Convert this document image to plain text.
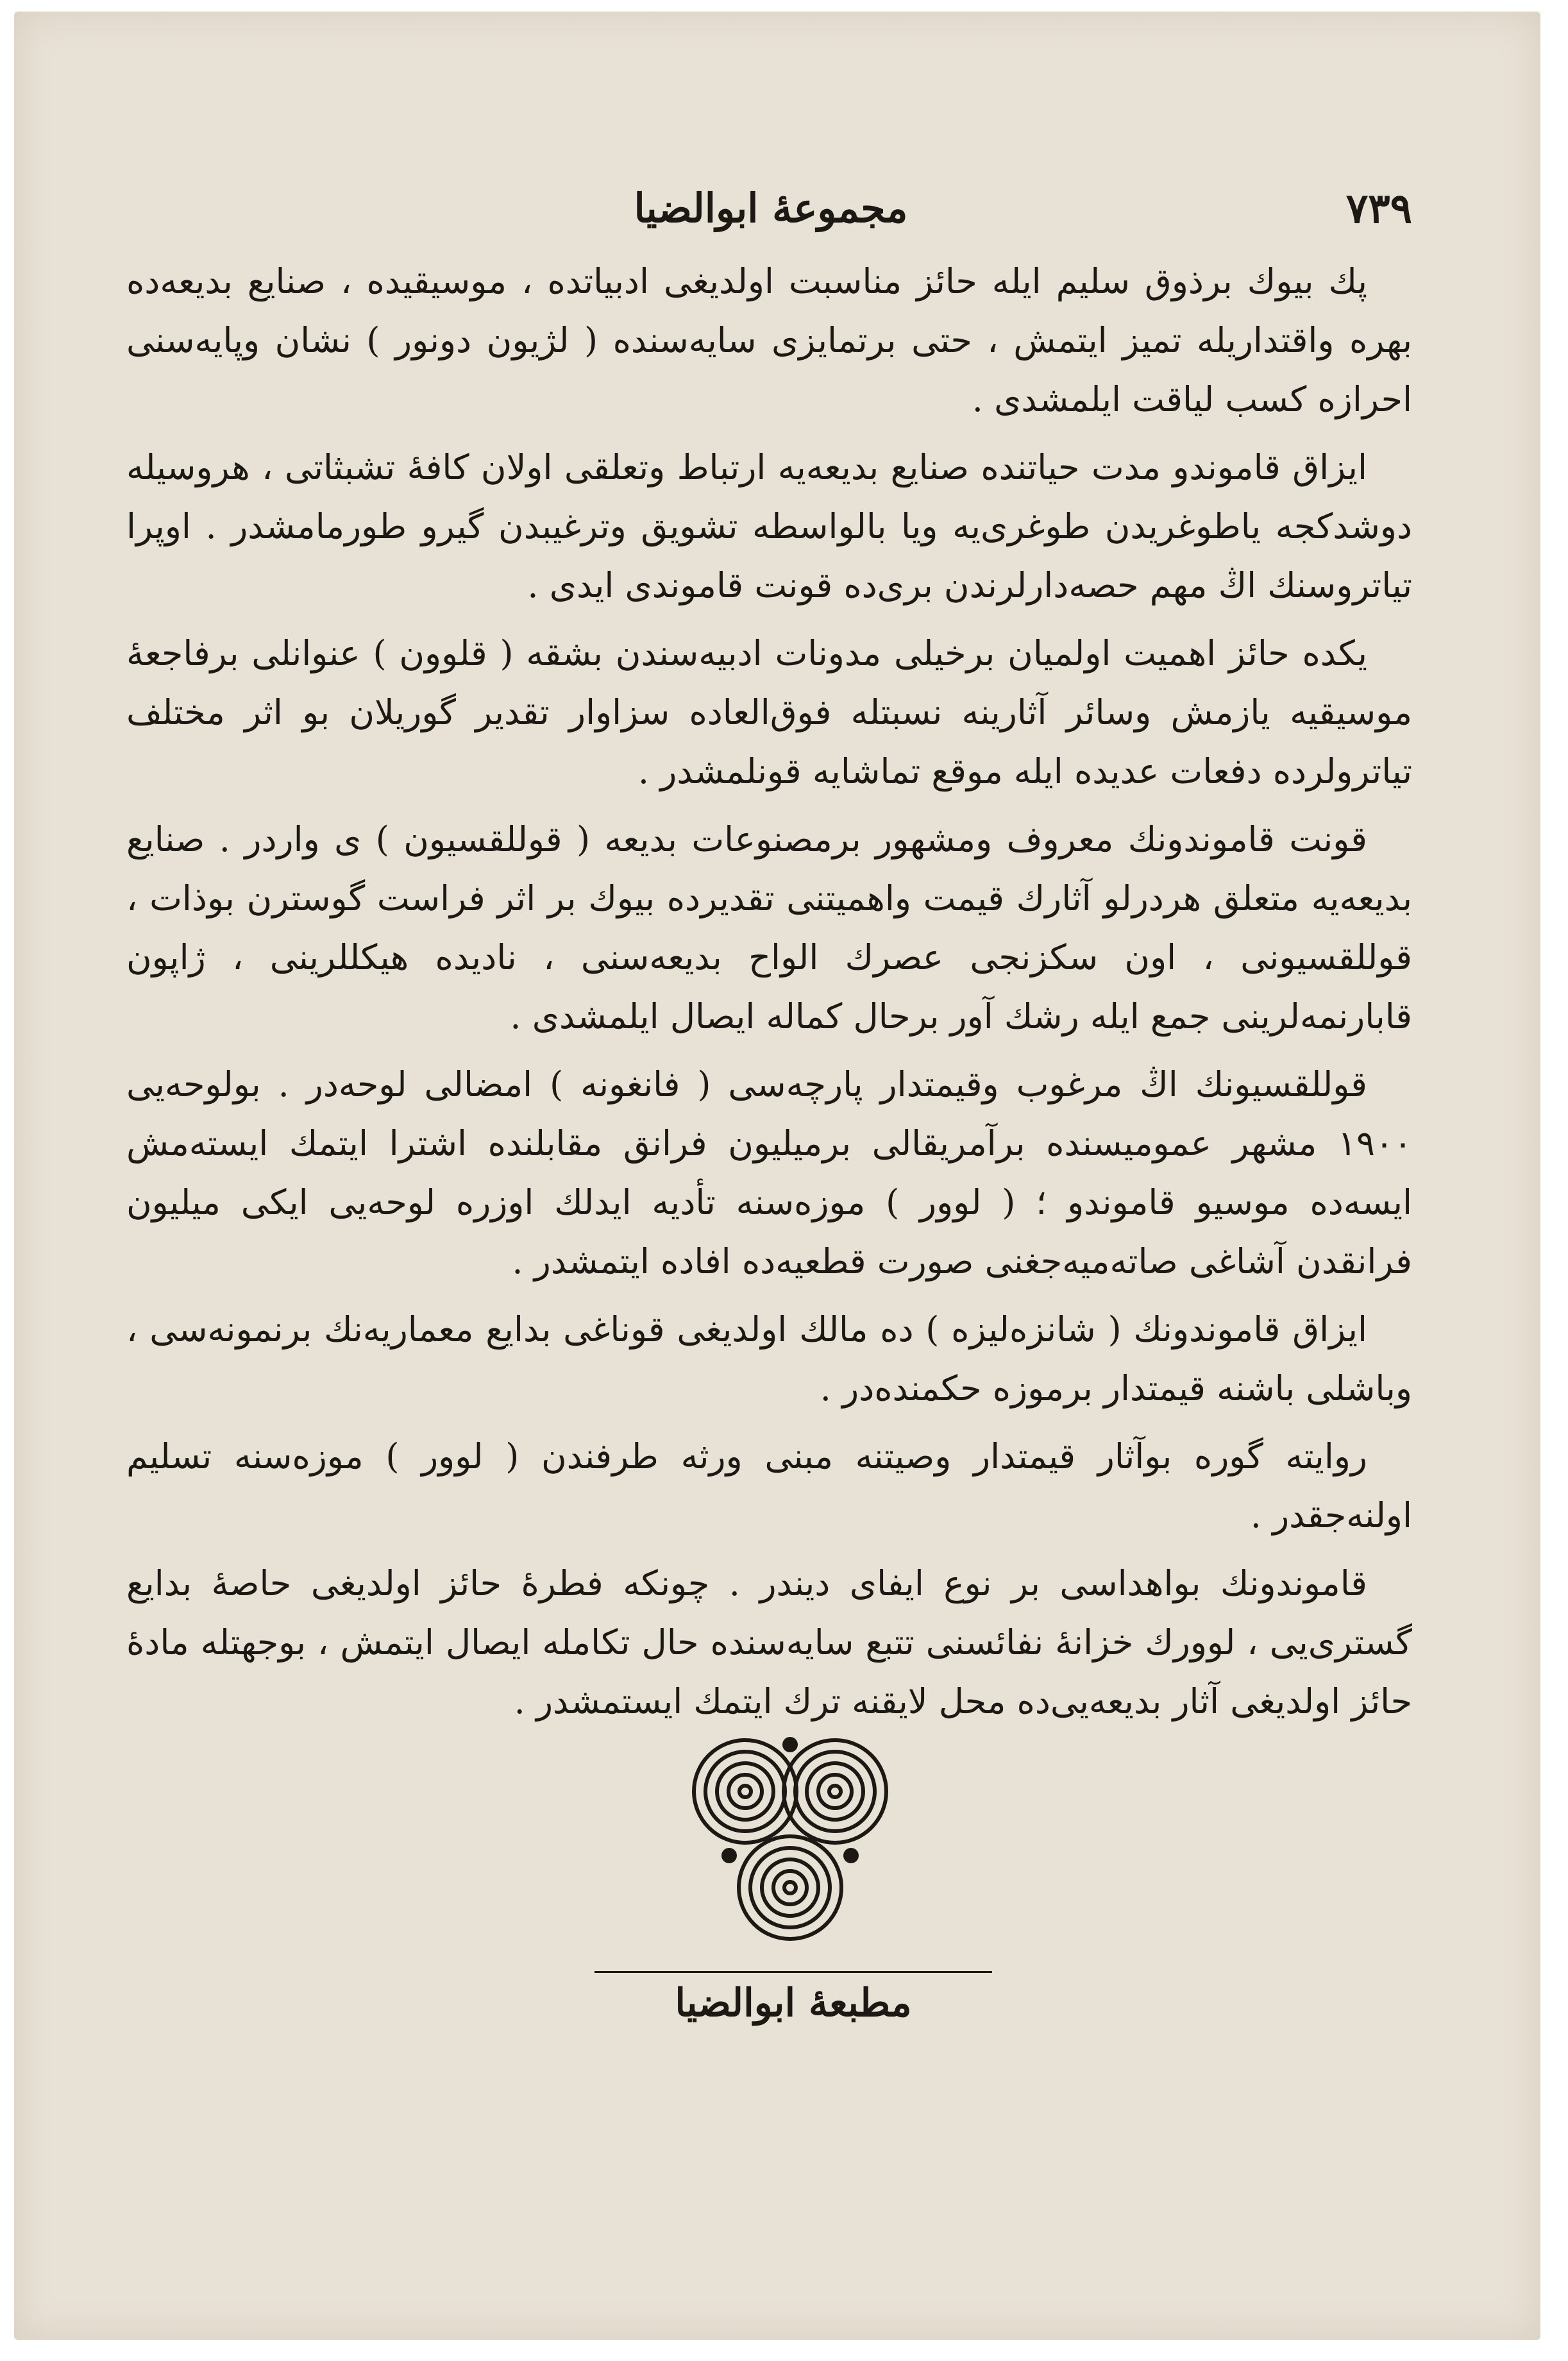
٧٣٩
مجموعهٔ ابوالضیا

پك بیوك برذوق سلیم ایله حائز مناسبت اولدیغی ادبیاتده ، موسیقیده ، صنایع بدیعه‌ده بهره واقتداریله تمیز ایتمش ، حتی برتمایزی سایه‌سنده ( لژیون دونور ) نشان وپایه‌سنی احرازه کسب لیاقت ایلمشدی .

ایزاق قاموندو مدت حیاتنده صنایع بدیعه‌یه ارتباط وتعلقی اولان کافهٔ تشبثاتی ، هروسیله دوشدکجه یاطوغریدن طوغری‌یه ویا بالواسطه تشویق وترغیبدن گیرو طورمامشدر . اوپرا تیاتروسنك اڭ مهم حصه‌دارلرندن بری‌ده قونت قاموندی ایدی .

یکده حائز اهمیت اولمیان برخیلی مدونات ادبیه‌سندن بشقه ( قلوون ) عنوانلی برفاجعهٔ موسیقیه یازمش وسائر آثارینه نسبتله فوق‌العاده سزاوار تقدیر گوریلان بو اثر مختلف تیاترولرده دفعات عدیده ایله موقع تماشایه قونلمشدر .

قونت قاموندونك معروف ومشهور برمصنوعات بدیعه ( قوللقسیون ) ی واردر . صنایع بدیعه‌یه متعلق هردرلو آثارك قیمت واهمیتنی تقدیرده بیوك بر اثر فراست گوسترن بوذات ، قوللقسیونی ، اون سکزنجی عصرك الواح بدیعه‌سنی ، نادیده هیکللرینی ، ژاپون قابارنمه‌لرینی جمع ایله رشك آور برحال کماله ایصال ایلمشدی .

قوللقسیونك اڭ مرغوب وقیمتدار پارچه‌سی ( فانغونه ) امضالی لوحه‌در . بولوحه‌یی ١٩٠٠ مشهر عمومیسنده برآمریقالی برمیلیون فرانق مقابلنده اشترا ایتمك ایسته‌مش ایسه‌ده موسیو قاموندو ؛ ( لوور ) موزه‌سنه تأدیه ایدلك اوزره لوحه‌یی ایکی میلیون فرانقدن آشاغی صاته‌میه‌جغنی صورت قطعیه‌ده افاده ایتمشدر .

ایزاق قاموندونك ( شانزه‌لیزه ) ده مالك اولدیغی قوناغی بدایع معماریه‌نك برنمونه‌سی ، وباشلی باشنه قیمتدار برموزه حکمنده‌در .

روایته گوره بوآثار قیمتدار وصیتنه مبنی ورثه طرفندن ( لوور ) موزه‌سنه تسلیم اولنه‌جقدر .

قاموندونك بواهداسی بر نوع ایفای دیندر . چونکه فطرهٔ حائز اولدیغی حاصهٔ بدایع گستری‌یی ، لوورك خزانهٔ نفائسنی تتبع سایه‌سنده حال تکامله ایصال ایتمش ، بوجهتله مادهٔ حائز اولدیغی آثار بدیعه‌یی‌ده محل لایقنه ترك ایتمك ایستمشدر .

مطبعهٔ ابوالضیا
